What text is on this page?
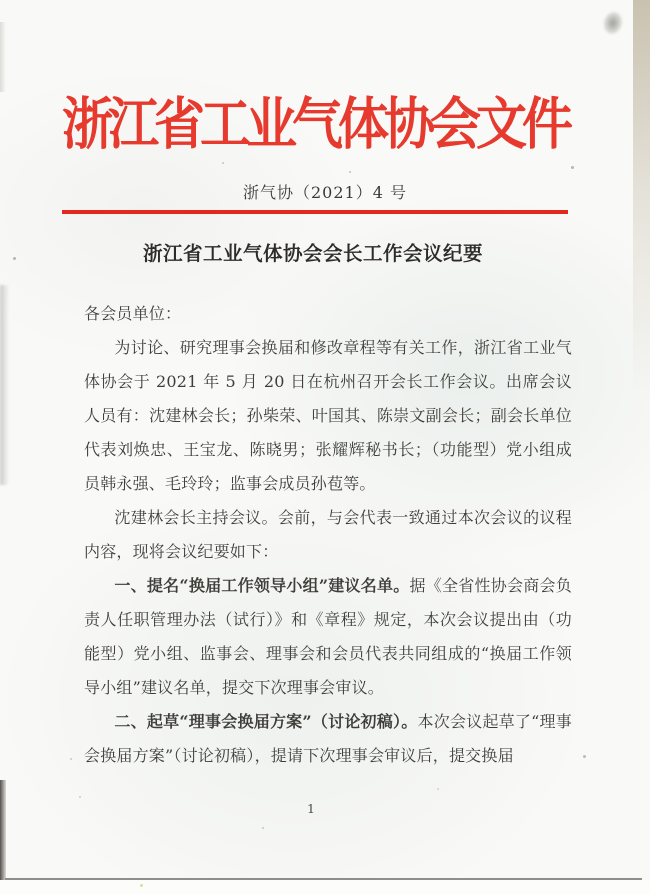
浙江省工业气体协会文件
浙气协（2021）4 号
浙江省工业气体协会会长工作会议纪要

各会员单位：

为讨论、研究理事会换届和修改章程等有关工作，浙江省工业气体协会于 2021 年 5 月 20 日在杭州召开会长工作会议。出席会议人员有：沈建林会长；孙柴荣、叶国其、陈崇文副会长；副会长单位代表刘焕忠、王宝龙、陈晓男；张耀辉秘书长；（功能型）党小组成员韩永强、毛玲玲；监事会成员孙苞等。

沈建林会长主持会议。会前，与会代表一致通过本次会议的议程内容，现将会议纪要如下：

一、提名“换届工作领导小组”建议名单。据《全省性协会商会负责人任职管理办法（试行）》和《章程》规定，本次会议提出由（功能型）党小组、监事会、理事会和会员代表共同组成的“换届工作领导小组”建议名单，提交下次理事会审议。

二、起草“理事会换届方案”（讨论初稿）。本次会议起草了“理事会换届方案”（讨论初稿），提请下次理事会审议后，提交换届

1
